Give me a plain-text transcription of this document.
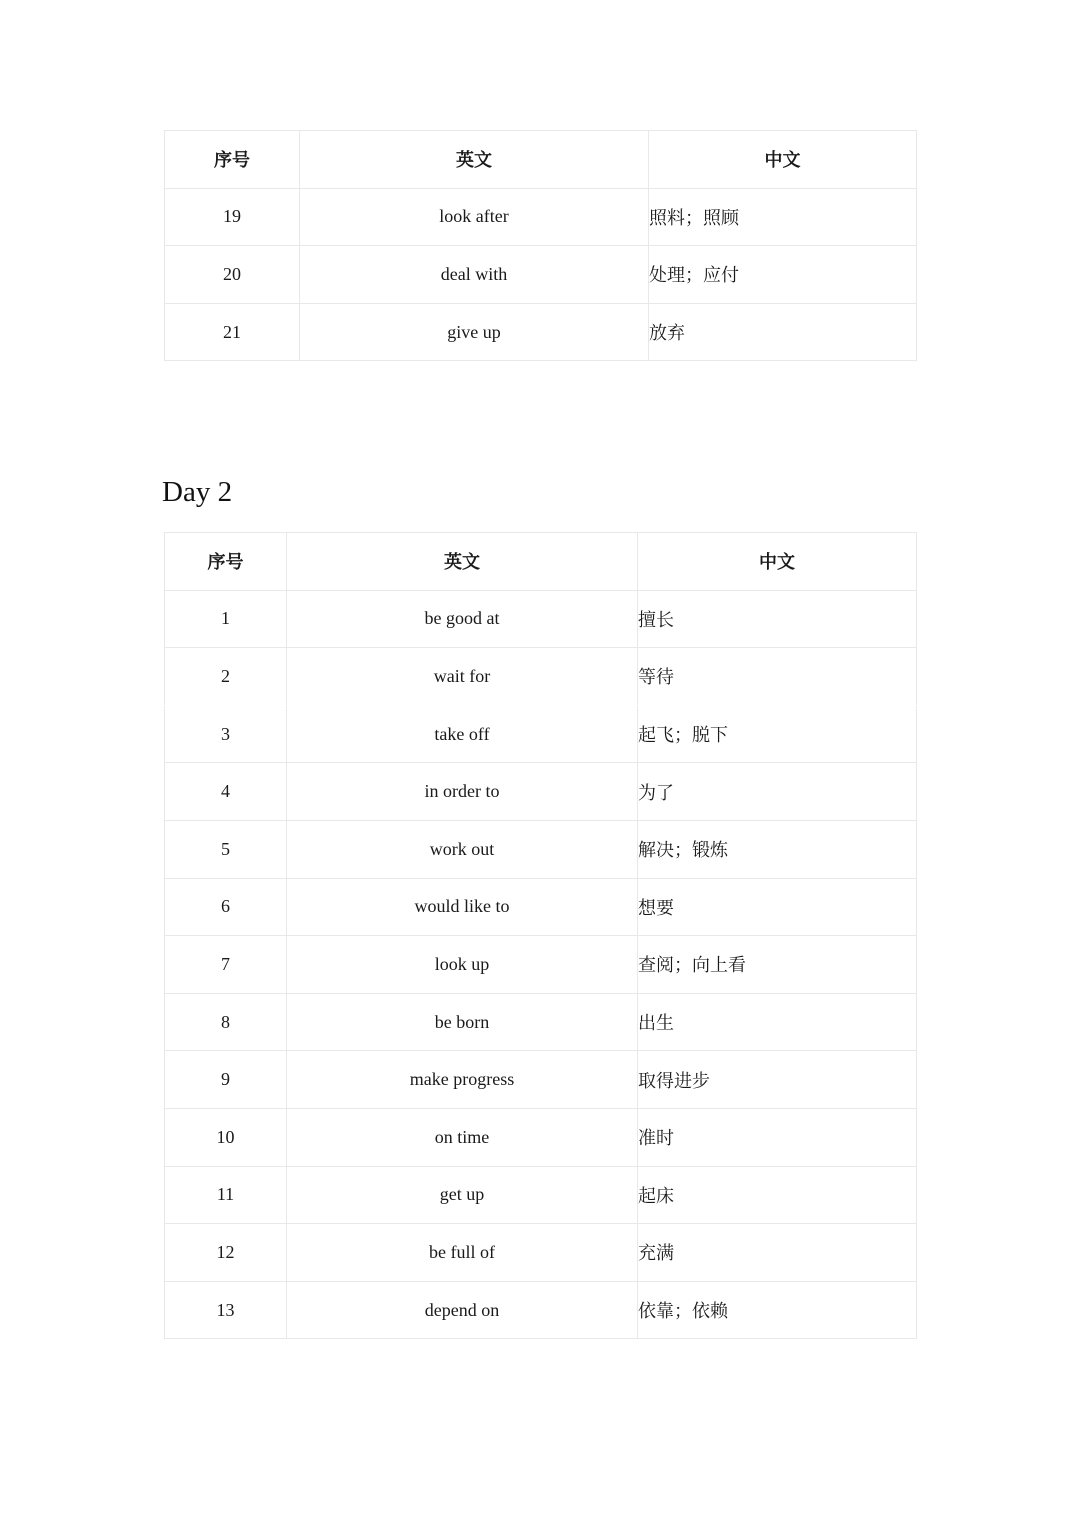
序号	英文	中文
19	look after	照料；照顾
20	deal with	处理；应付
21	give up	放弃
Day 2
序号	英文	中文
1	be good at	擅长
2	wait for	等待
3	take off	起飞；脱下
4	in order to	为了
5	work out	解决；锻炼
6	would like to	想要
7	look up	查阅；向上看
8	be born	出生
9	make progress	取得进步
10	on time	准时
11	get up	起床
12	be full of	充满
13	depend on	依靠；依赖
